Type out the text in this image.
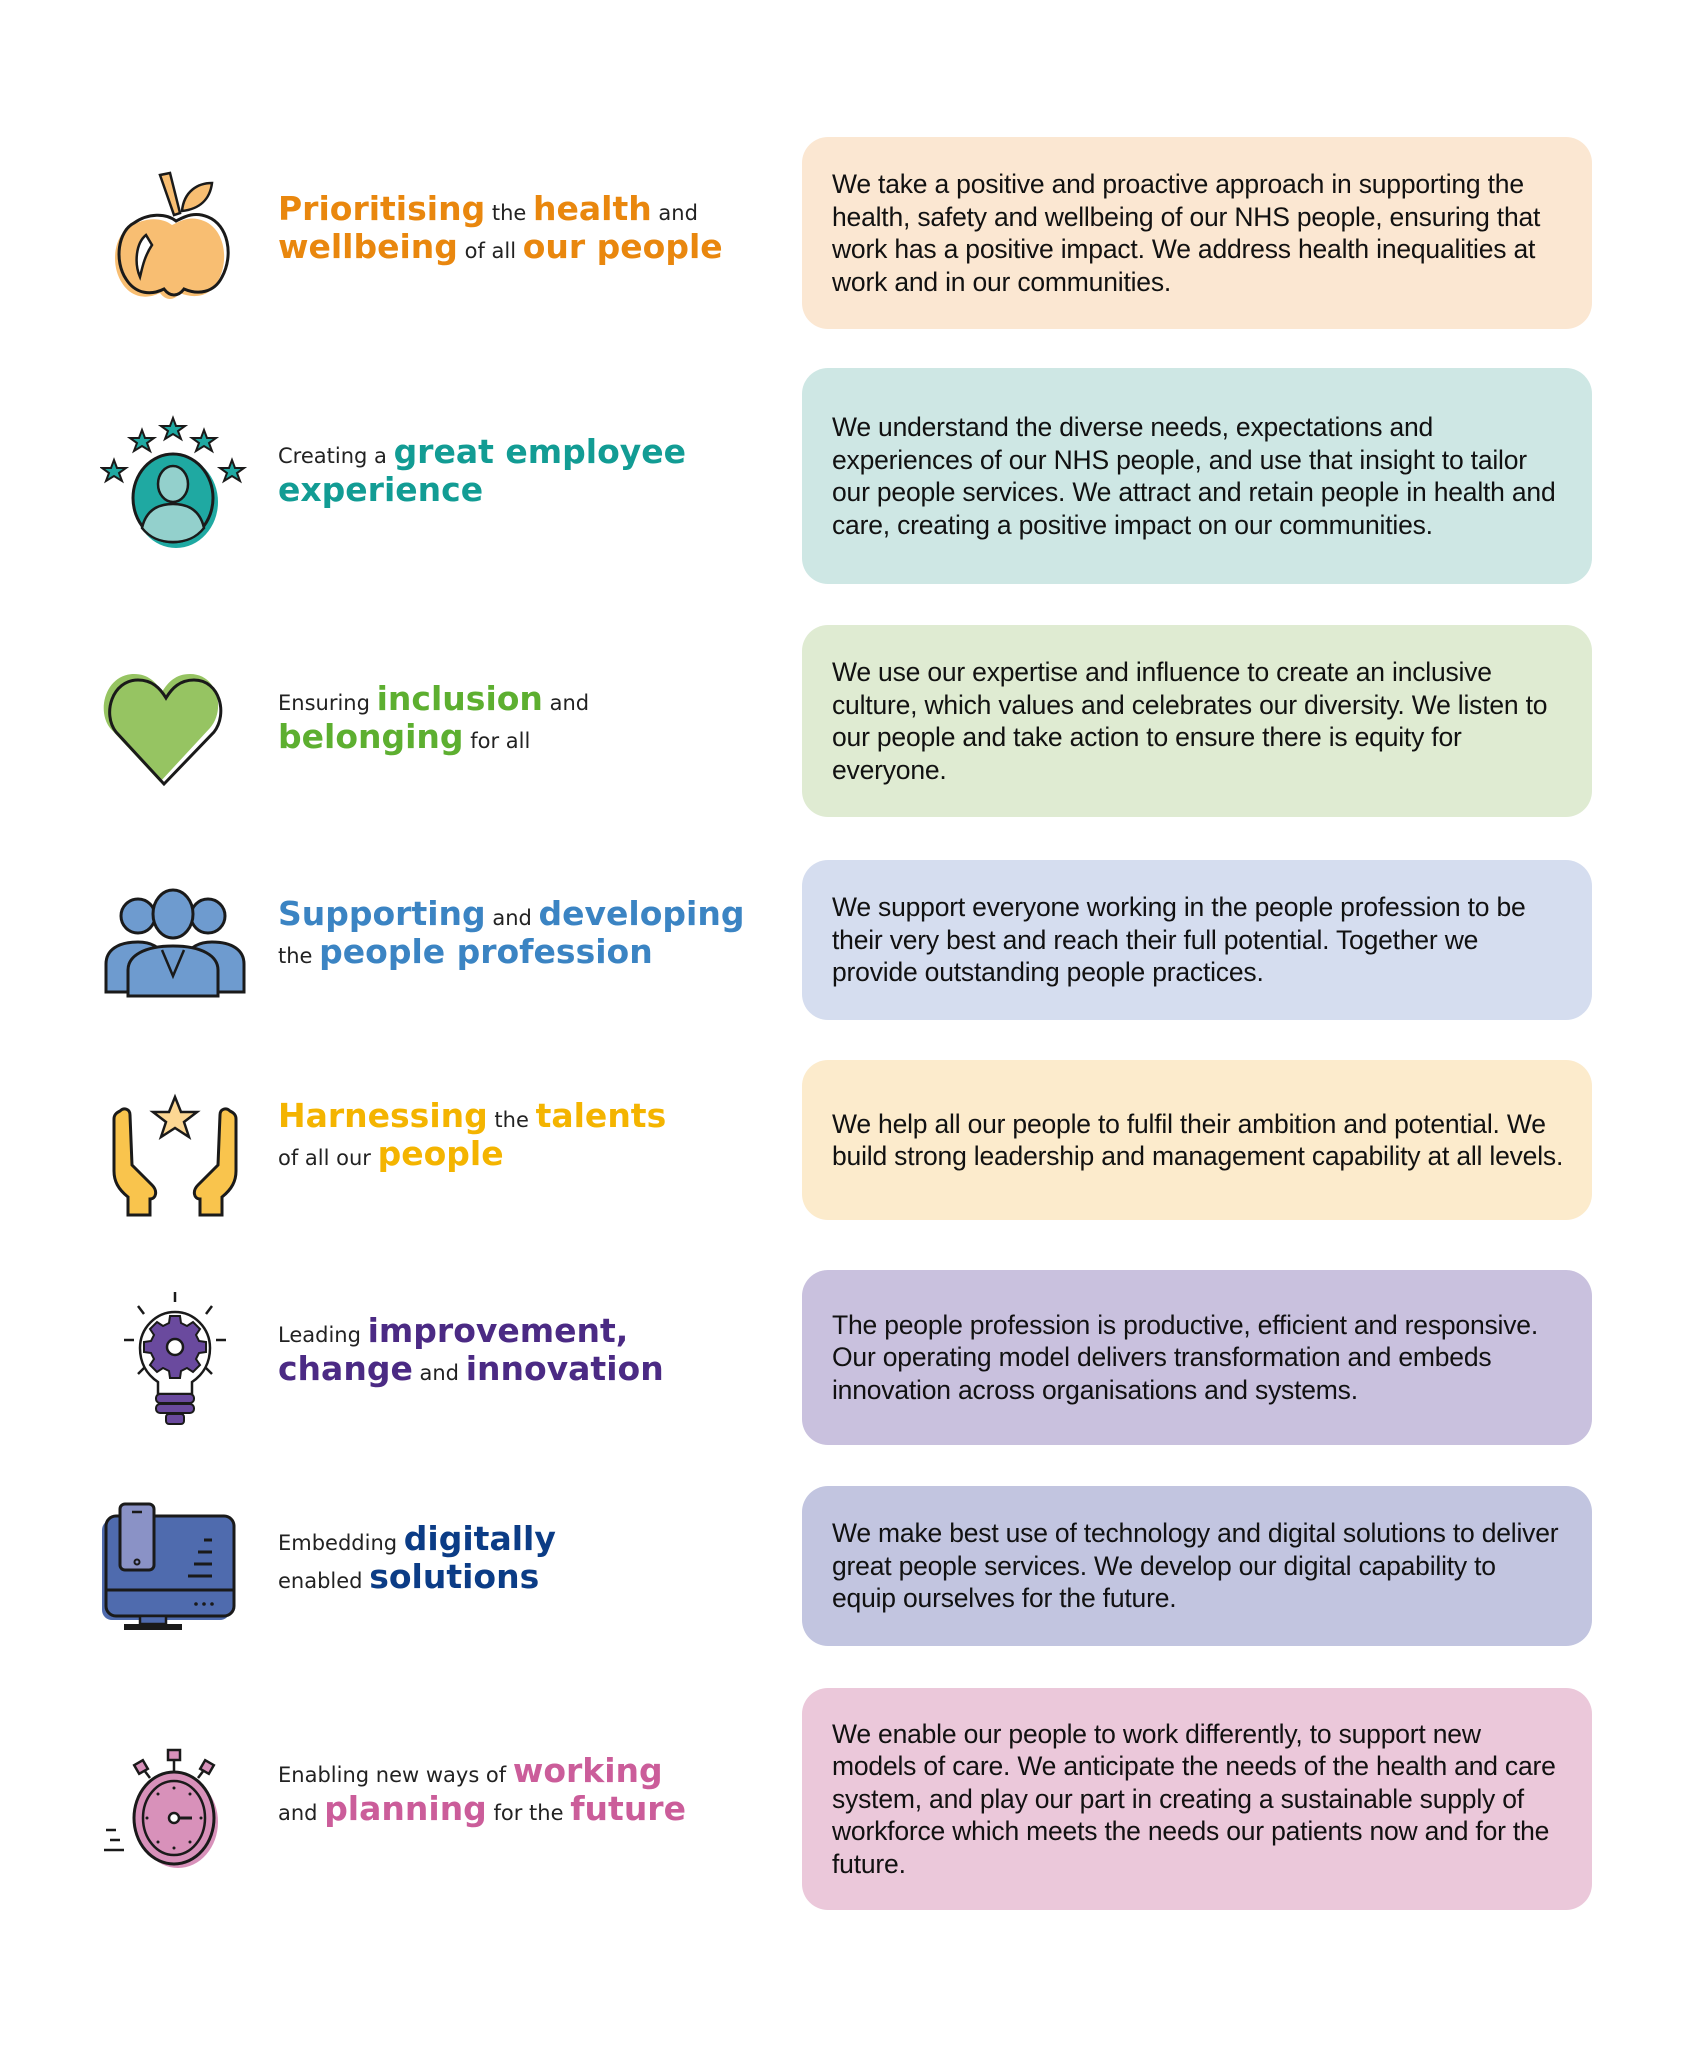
Prioritising the health and
wellbeing of all our people

We take a positive and proactive approach in supporting the health, safety and wellbeing of our NHS people, ensuring that work has a positive impact. We address health inequalities at work and in our communities.

Creating a great employee
experience

We understand the diverse needs, expectations and experiences of our NHS people, and use that insight to tailor our people services. We attract and retain people in health and care, creating a positive impact on our communities.

Ensuring inclusion and
belonging for all

We use our expertise and influence to create an inclusive culture, which values and celebrates our diversity. We listen to our people and take action to ensure there is equity for everyone.

Supporting and developing
the people profession

We support everyone working in the people profession to be their very best and reach their full potential. Together we provide outstanding people practices.

Harnessing the talents
of all our people

We help all our people to fulfil their ambition and potential. We build strong leadership and management capability at all levels.

Leading improvement,
change and innovation

The people profession is productive, efficient and responsive. Our operating model delivers transformation and embeds innovation across organisations and systems.

Embedding digitally
enabled solutions

We make best use of technology and digital solutions to deliver great people services. We develop our digital capability to equip ourselves for the future.

Enabling new ways of working
and planning for the future

We enable our people to work differently, to support new models of care. We anticipate the needs of the health and care system, and play our part in creating a sustainable supply of workforce which meets the needs our patients now and for the future.
